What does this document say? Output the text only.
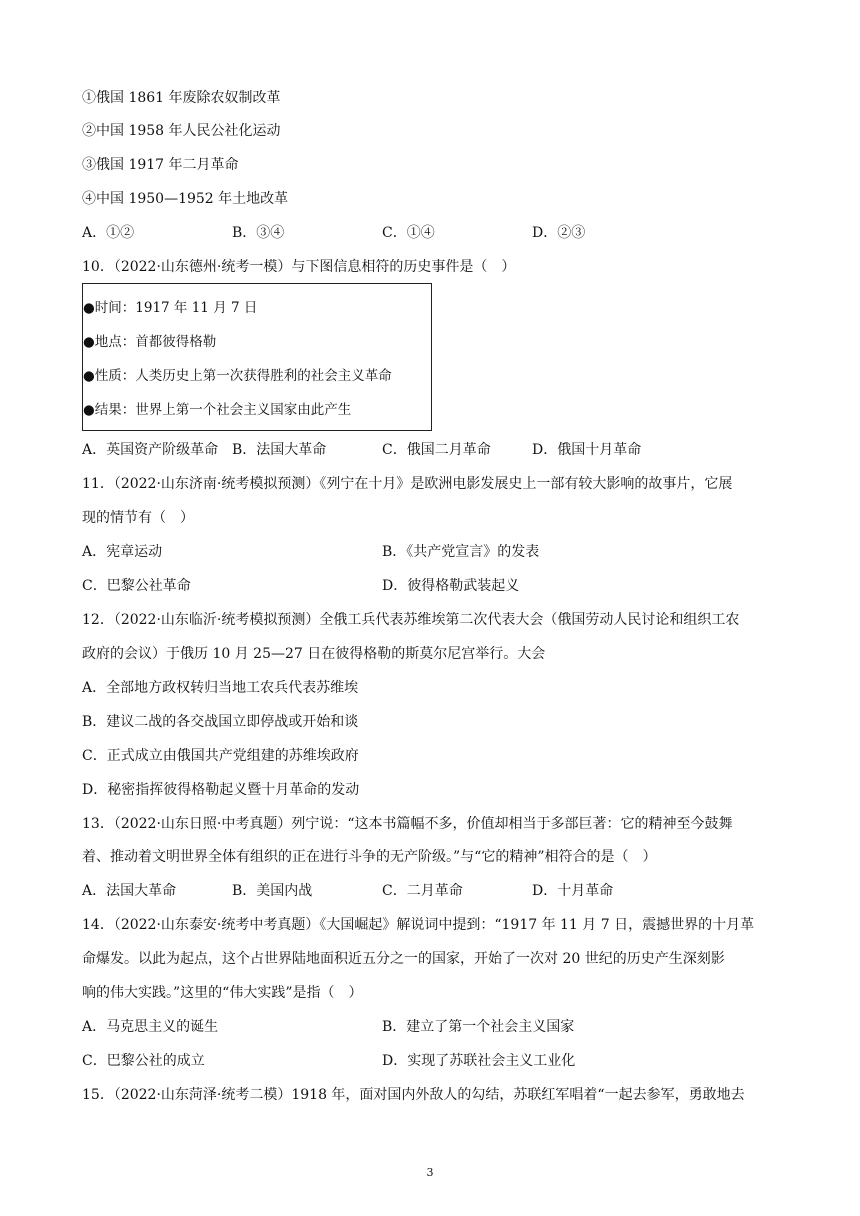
①俄国 1861 年废除农奴制改革
②中国 1958 年人民公社化运动
③俄国 1917 年二月革命
④中国 1950—1952 年土地改革
A．①②	B．③④	C．①④	D．②③
10．（2022·山东德州·统考一模）与下图信息相符的历史事件是（　）
●时间：1917 年 11 月 7 日
●地点：首都彼得格勒
●性质：人类历史上第一次获得胜利的社会主义革命
●结果：世界上第一个社会主义国家由此产生
A．英国资产阶级革命 B．法国大革命	C．俄国二月革命	D．俄国十月革命
11．（2022·山东济南·统考模拟预测）《列宁在十月》是欧洲电影发展史上一部有较大影响的故事片，它展
现的情节有（　）
A．宪章运动	B．《共产党宣言》的发表
C．巴黎公社革命	D．彼得格勒武装起义
12．（2022·山东临沂·统考模拟预测）全俄工兵代表苏维埃第二次代表大会（俄国劳动人民讨论和组织工农
政府的会议）于俄历 10 月 25—27 日在彼得格勒的斯莫尔尼宫举行。大会
A．全部地方政权转归当地工农兵代表苏维埃
B．建议二战的各交战国立即停战或开始和谈
C．正式成立由俄国共产党组建的苏维埃政府
D．秘密指挥彼得格勒起义暨十月革命的发动
13．（2022·山东日照·中考真题）列宁说：“这本书篇幅不多，价值却相当于多部巨著：它的精神至今鼓舞
着、推动着文明世界全体有组织的正在进行斗争的无产阶级。”与“它的精神”相符合的是（　）
A．法国大革命	B．美国内战	C．二月革命	D．十月革命
14．（2022·山东泰安·统考中考真题）《大国崛起》解说词中提到：“1917 年 11 月 7 日，震撼世界的十月革
命爆发。以此为起点，这个占世界陆地面积近五分之一的国家，开始了一次对 20 世纪的历史产生深刻影
响的伟大实践。”这里的“伟大实践”是指（　）
A．马克思主义的诞生	B．建立了第一个社会主义国家
C．巴黎公社的成立	D．实现了苏联社会主义工业化
15．（2022·山东菏泽·统考二模）1918 年，面对国内外敌人的勾结，苏联红军唱着“一起去参军，勇敢地去
3
